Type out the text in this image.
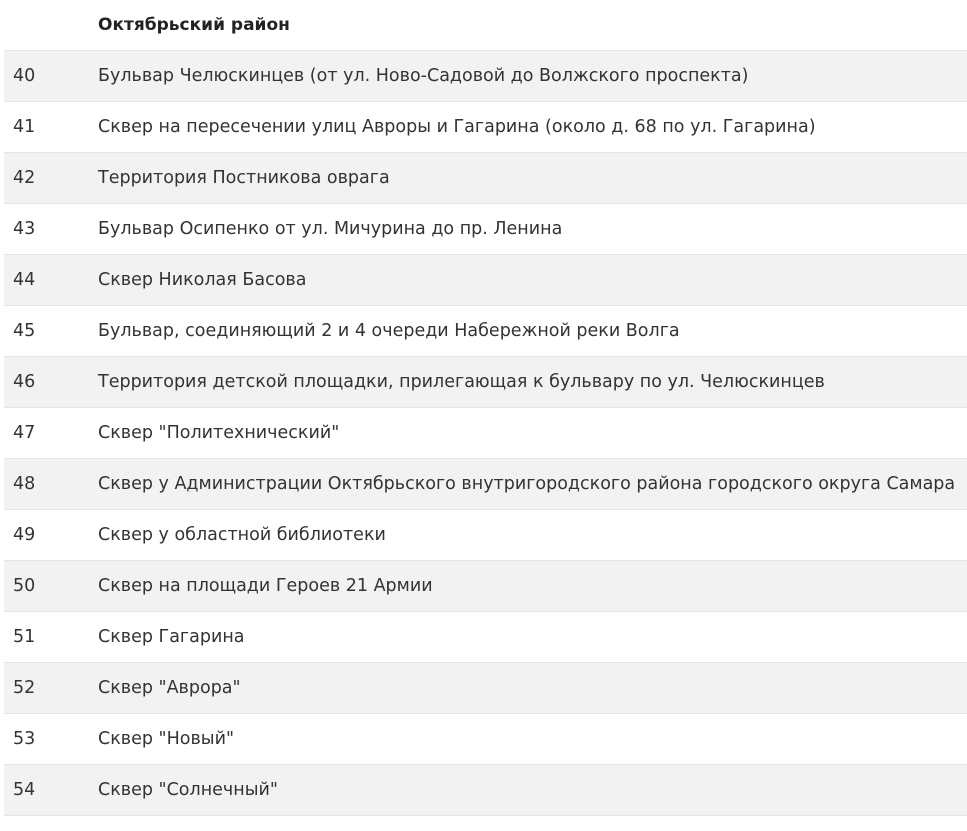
Октябрьский район
40	Бульвар Челюскинцев (от ул. Ново-Садовой до Волжского проспекта)
41	Сквер на пересечении улиц Авроры и Гагарина (около д. 68 по ул. Гагарина)
42	Территория Постникова оврага
43	Бульвар Осипенко от ул. Мичурина до пр. Ленина
44	Сквер Николая Басова
45	Бульвар, соединяющий 2 и 4 очереди Набережной реки Волга
46	Территория детской площадки, прилегающая к бульвару по ул. Челюскинцев
47	Сквер "Политехнический"
48	Сквер у Администрации Октябрьского внутригородского района городского округа Самара
49	Сквер у областной библиотеки
50	Сквер на площади Героев 21 Армии
51	Сквер Гагарина
52	Сквер "Аврора"
53	Сквер "Новый"
54	Сквер "Солнечный"
